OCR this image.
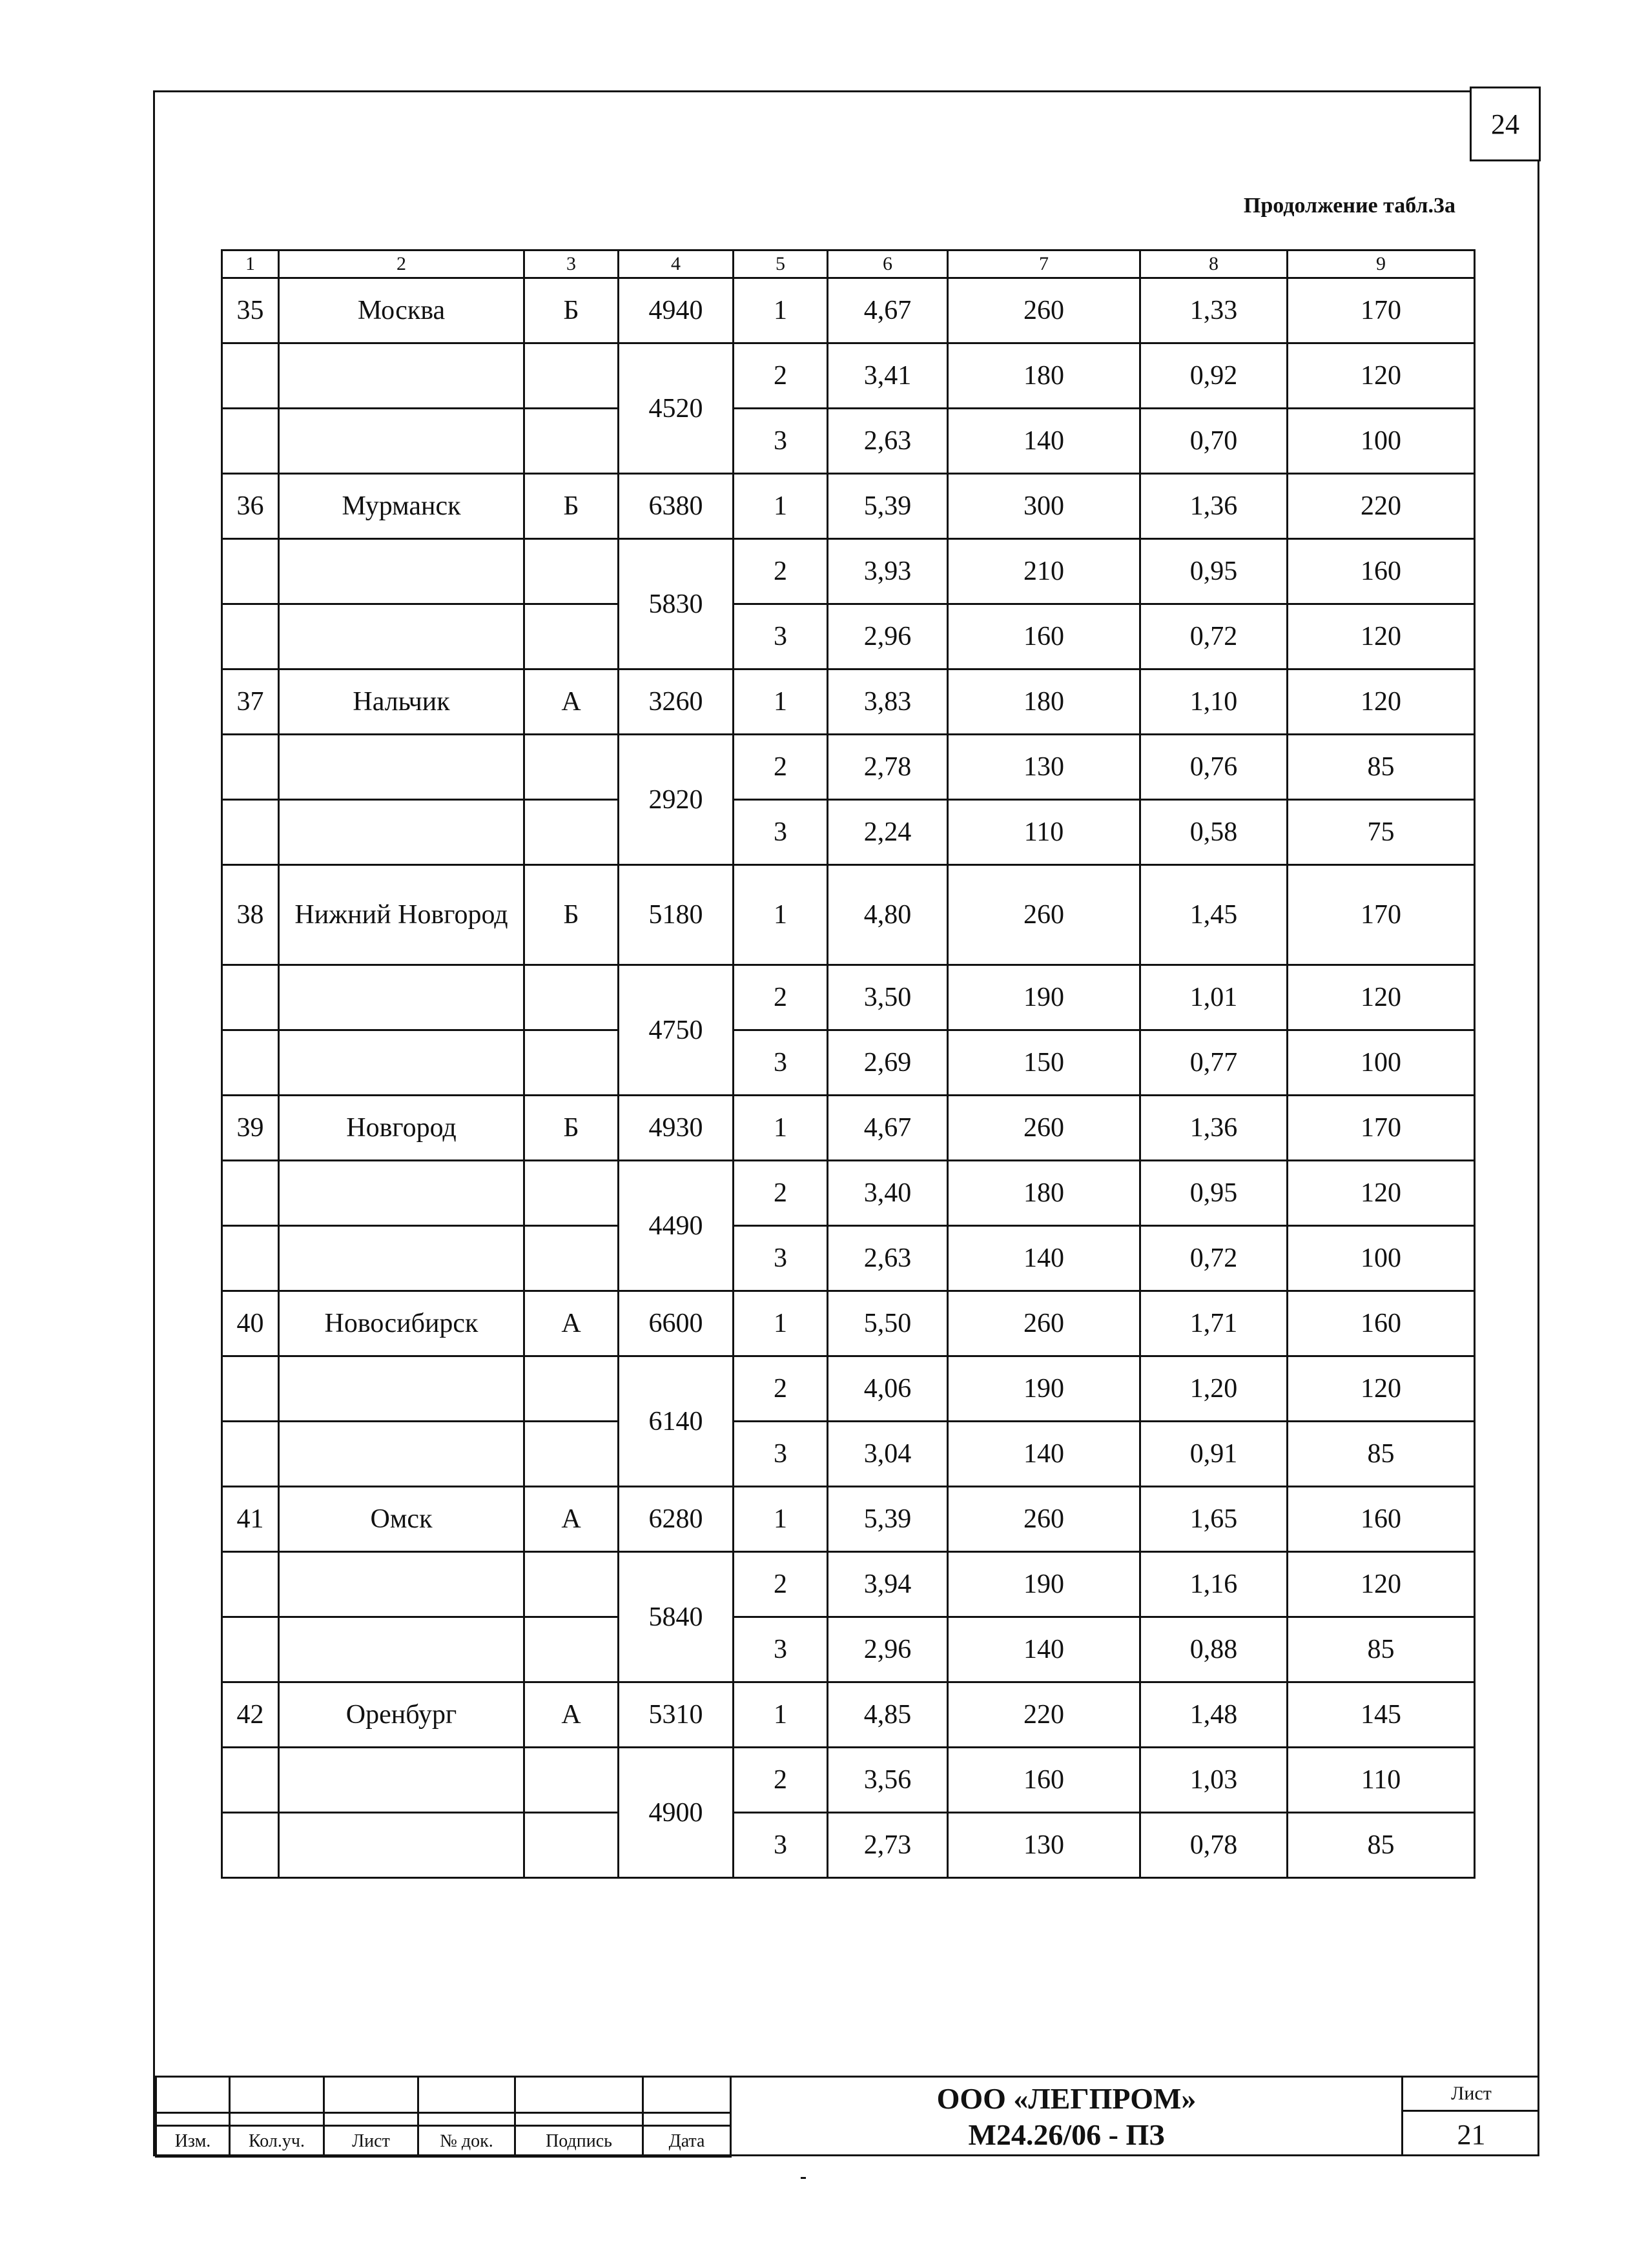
24
Продолжение табл.3а
1	2	3	4	5	6	7	8	9
35	Москва	Б	4940	1	4,67	260	1,33	170
			4520	2	3,41	180	0,92	120
				3	2,63	140	0,70	100
36	Мурманск	Б	6380	1	5,39	300	1,36	220
			5830	2	3,93	210	0,95	160
				3	2,96	160	0,72	120
37	Нальчик	А	3260	1	3,83	180	1,10	120
			2920	2	2,78	130	0,76	85
				3	2,24	110	0,58	75
38	Нижний Новгород	Б	5180	1	4,80	260	1,45	170
			4750	2	3,50	190	1,01	120
				3	2,69	150	0,77	100
39	Новгород	Б	4930	1	4,67	260	1,36	170
			4490	2	3,40	180	0,95	120
				3	2,63	140	0,72	100
40	Новосибирск	А	6600	1	5,50	260	1,71	160
			6140	2	4,06	190	1,20	120
				3	3,04	140	0,91	85
41	Омск	А	6280	1	5,39	260	1,65	160
			5840	2	3,94	190	1,16	120
				3	2,96	140	0,88	85
42	Оренбург	А	5310	1	4,85	220	1,48	145
			4900	2	3,56	160	1,03	110
				3	2,73	130	0,78	85

Изм.	Кол.уч.	Лист	№ док.	Подпись	Дата
ООО «ЛЕГПРОМ»
М24.26/06 - ПЗ
Лист
21
